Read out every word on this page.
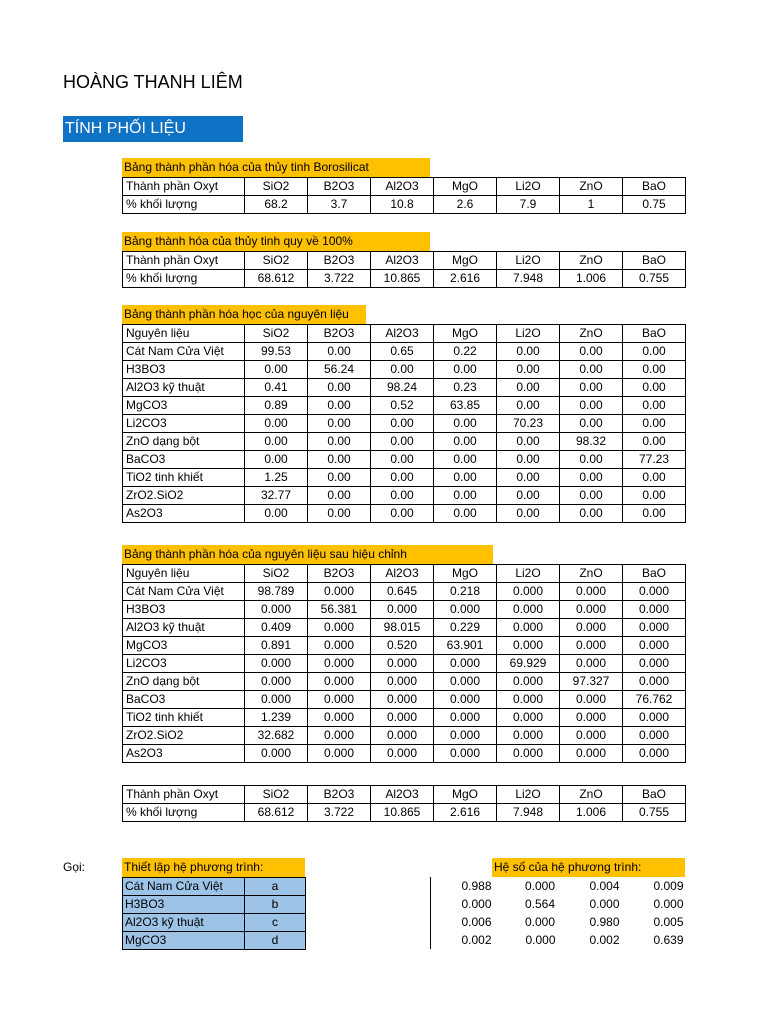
HOÀNG THANH LIÊM
TÍNH PHỐI LIỆU
Bảng thành phần hóa của thủy tinh Borosilicat
Thành phần Oxyt	SiO2	B2O3	Al2O3	MgO	Li2O	ZnO	BaO
% khối lượng	68.2	3.7	10.8	2.6	7.9	1	0.75
Bảng thành hóa của thủy tinh quy về 100%
Thành phần Oxyt	SiO2	B2O3	Al2O3	MgO	Li2O	ZnO	BaO
% khối lượng	68.612	3.722	10.865	2.616	7.948	1.006	0.755
Bảng thành phần hóa học của nguyên liệu
Nguyên liệu	SiO2	B2O3	Al2O3	MgO	Li2O	ZnO	BaO
Cát Nam Cửa Việt	99.53	0.00	0.65	0.22	0.00	0.00	0.00
H3BO3	0.00	56.24	0.00	0.00	0.00	0.00	0.00
Al2O3 kỹ thuật	0.41	0.00	98.24	0.23	0.00	0.00	0.00
MgCO3	0.89	0.00	0.52	63.85	0.00	0.00	0.00
Li2CO3	0.00	0.00	0.00	0.00	70.23	0.00	0.00
ZnO dạng bột	0.00	0.00	0.00	0.00	0.00	98.32	0.00
BaCO3	0.00	0.00	0.00	0.00	0.00	0.00	77.23
TiO2 tinh khiết	1.25	0.00	0.00	0.00	0.00	0.00	0.00
ZrO2.SiO2	32.77	0.00	0.00	0.00	0.00	0.00	0.00
As2O3	0.00	0.00	0.00	0.00	0.00	0.00	0.00
Bảng thành phần hóa của nguyên liệu sau hiệu chỉnh
Nguyên liệu	SiO2	B2O3	Al2O3	MgO	Li2O	ZnO	BaO
Cát Nam Cửa Việt	98.789	0.000	0.645	0.218	0.000	0.000	0.000
H3BO3	0.000	56.381	0.000	0.000	0.000	0.000	0.000
Al2O3 kỹ thuật	0.409	0.000	98.015	0.229	0.000	0.000	0.000
MgCO3	0.891	0.000	0.520	63.901	0.000	0.000	0.000
Li2CO3	0.000	0.000	0.000	0.000	69.929	0.000	0.000
ZnO dạng bột	0.000	0.000	0.000	0.000	0.000	97.327	0.000
BaCO3	0.000	0.000	0.000	0.000	0.000	0.000	76.762
TiO2 tinh khiết	1.239	0.000	0.000	0.000	0.000	0.000	0.000
ZrO2.SiO2	32.682	0.000	0.000	0.000	0.000	0.000	0.000
As2O3	0.000	0.000	0.000	0.000	0.000	0.000	0.000
Thành phần Oxyt	SiO2	B2O3	Al2O3	MgO	Li2O	ZnO	BaO
% khối lượng	68.612	3.722	10.865	2.616	7.948	1.006	0.755
Gọi:	Thiết lập hệ phương trình:
Cát Nam Cửa Việt	a
H3BO3	b
Al2O3 kỹ thuật	c
MgCO3	d
Hệ số của hệ phương trình:
0.988	0.000	0.004	0.009
0.000	0.564	0.000	0.000
0.006	0.000	0.980	0.005
0.002	0.000	0.002	0.639
